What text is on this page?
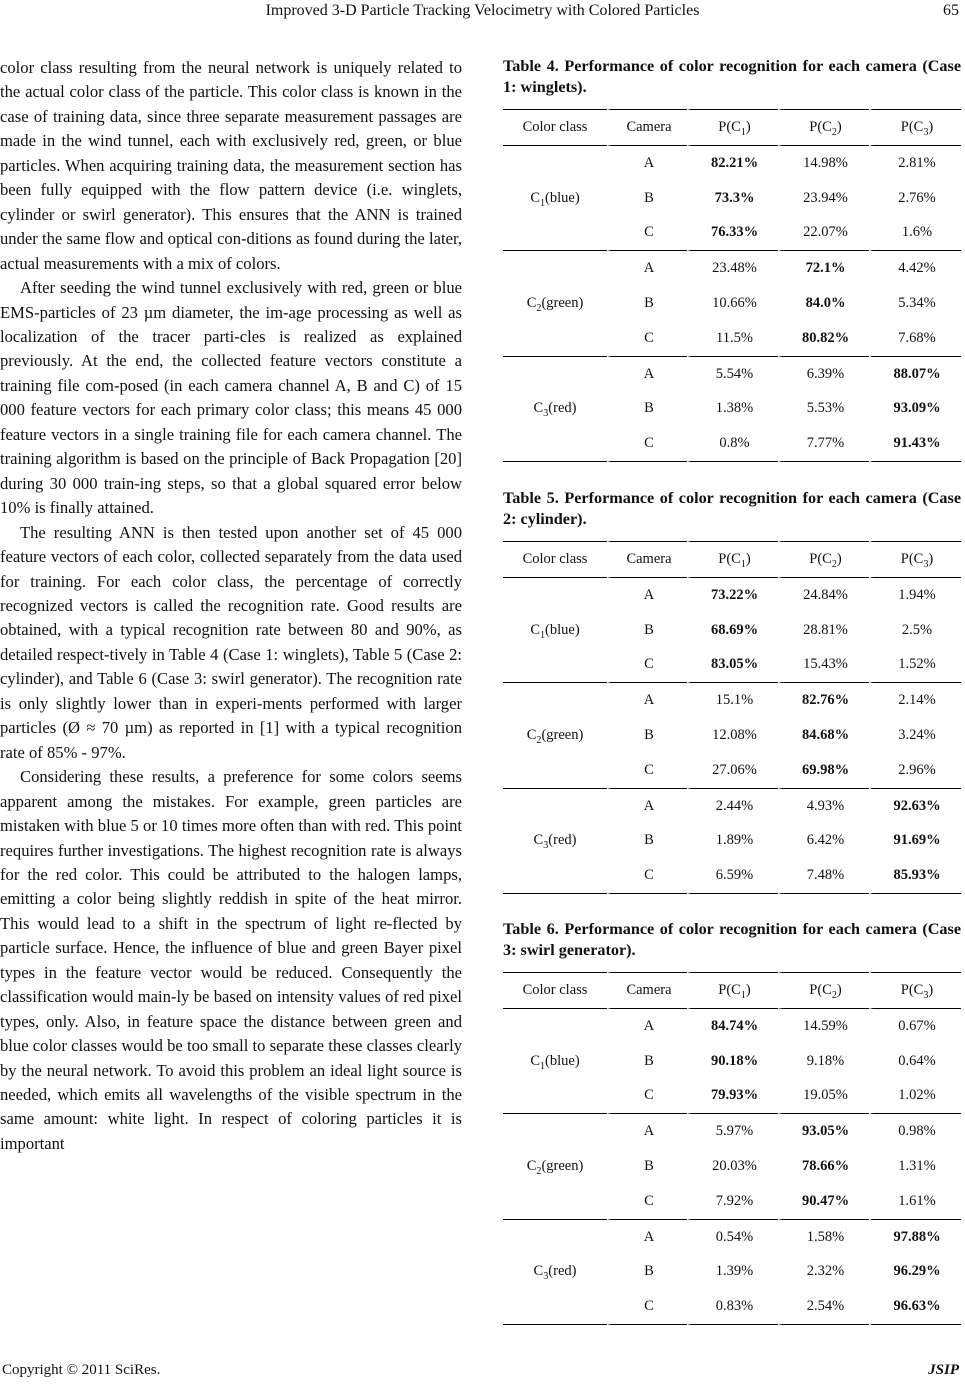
Improved 3-D Particle Tracking Velocimetry with Colored Particles	65

color class resulting from the neural network is uniquely related to the actual color class of the particle. This color class is known in the case of training data, since three separate measurement passages are made in the wind tunnel, each with exclusively red, green, or blue particles. When acquiring training data, the measurement section has been fully equipped with the flow pattern device (i.e. winglets, cylinder or swirl generator). This ensures that the ANN is trained under the same flow and optical con-ditions as found during the later, actual measurements with a mix of colors.

After seeding the wind tunnel exclusively with red, green or blue EMS-particles of 23 µm diameter, the im-age processing as well as localization of the tracer parti-cles is realized as explained previously. At the end, the collected feature vectors constitute a training file com-posed (in each camera channel A, B and C) of 15 000 feature vectors for each primary color class; this means 45 000 feature vectors in a single training file for each camera channel. The training algorithm is based on the principle of Back Propagation [20] during 30 000 train-ing steps, so that a global squared error below 10% is finally attained.

The resulting ANN is then tested upon another set of 45 000 feature vectors of each color, collected separately from the data used for training. For each color class, the percentage of correctly recognized vectors is called the recognition rate. Good results are obtained, with a typical recognition rate between 80 and 90%, as detailed respect-tively in Table 4 (Case 1: winglets), Table 5 (Case 2: cylinder), and Table 6 (Case 3: swirl generator). The recognition rate is only slightly lower than in experi-ments performed with larger particles (Ø ≈ 70 µm) as reported in [1] with a typical recognition rate of 85% - 97%.

Considering these results, a preference for some colors seems apparent among the mistakes. For example, green particles are mistaken with blue 5 or 10 times more often than with red. This point requires further investigations. The highest recognition rate is always for the red color. This could be attributed to the halogen lamps, emitting a color being slightly reddish in spite of the heat mirror. This would lead to a shift in the spectrum of light re-flected by particle surface. Hence, the influence of blue and green Bayer pixel types in the feature vector would be reduced. Consequently the classification would main-ly be based on intensity values of red pixel types, only. Also, in feature space the distance between green and blue color classes would be too small to separate these classes clearly by the neural network. To avoid this problem an ideal light source is needed, which emits all wavelengths of the visible spectrum in the same amount: white light. In respect of coloring particles it is important

Table 4. Performance of color recognition for each camera (Case 1: winglets).
Color class	Camera	$P(C_1)$	$P(C_2)$	$P(C_3)$
$C_1(blue)$	A	82.21%	14.98%	2.81%
	B	73.3%	23.94%	2.76%
	C	76.33%	22.07%	1.6%
$C_2(green)$	A	23.48%	72.1%	4.42%
	B	10.66%	84.0%	5.34%
	C	11.5%	80.82%	7.68%
$C_3(red)$	A	5.54%	6.39%	88.07%
	B	1.38%	5.53%	93.09%
	C	0.8%	7.77%	91.43%
Table 5. Performance of color recognition for each camera (Case 2: cylinder).
Color class	Camera	$P(C_1)$	$P(C_2)$	$P(C_3)$
$C_1(blue)$	A	73.22%	24.84%	1.94%
	B	68.69%	28.81%	2.5%
	C	83.05%	15.43%	1.52%
$C_2(green)$	A	15.1%	82.76%	2.14%
	B	12.08%	84.68%	3.24%
	C	27.06%	69.98%	2.96%
$C_3(red)$	A	2.44%	4.93%	92.63%
	B	1.89%	6.42%	91.69%
	C	6.59%	7.48%	85.93%
Table 6. Performance of color recognition for each camera (Case 3: swirl generator).
Color class	Camera	$P(C_1)$	$P(C_2)$	$P(C_3)$
$C_1(blue)$	A	84.74%	14.59%	0.67%
	B	90.18%	9.18%	0.64%
	C	79.93%	19.05%	1.02%
$C_2(green)$	A	5.97%	93.05%	0.98%
	B	20.03%	78.66%	1.31%
	C	7.92%	90.47%	1.61%
$C_3(red)$	A	0.54%	1.58%	97.88%
	B	1.39%	2.32%	96.29%
	C	0.83%	2.54%	96.63%
Copyright © 2011 SciRes.	JSIP
